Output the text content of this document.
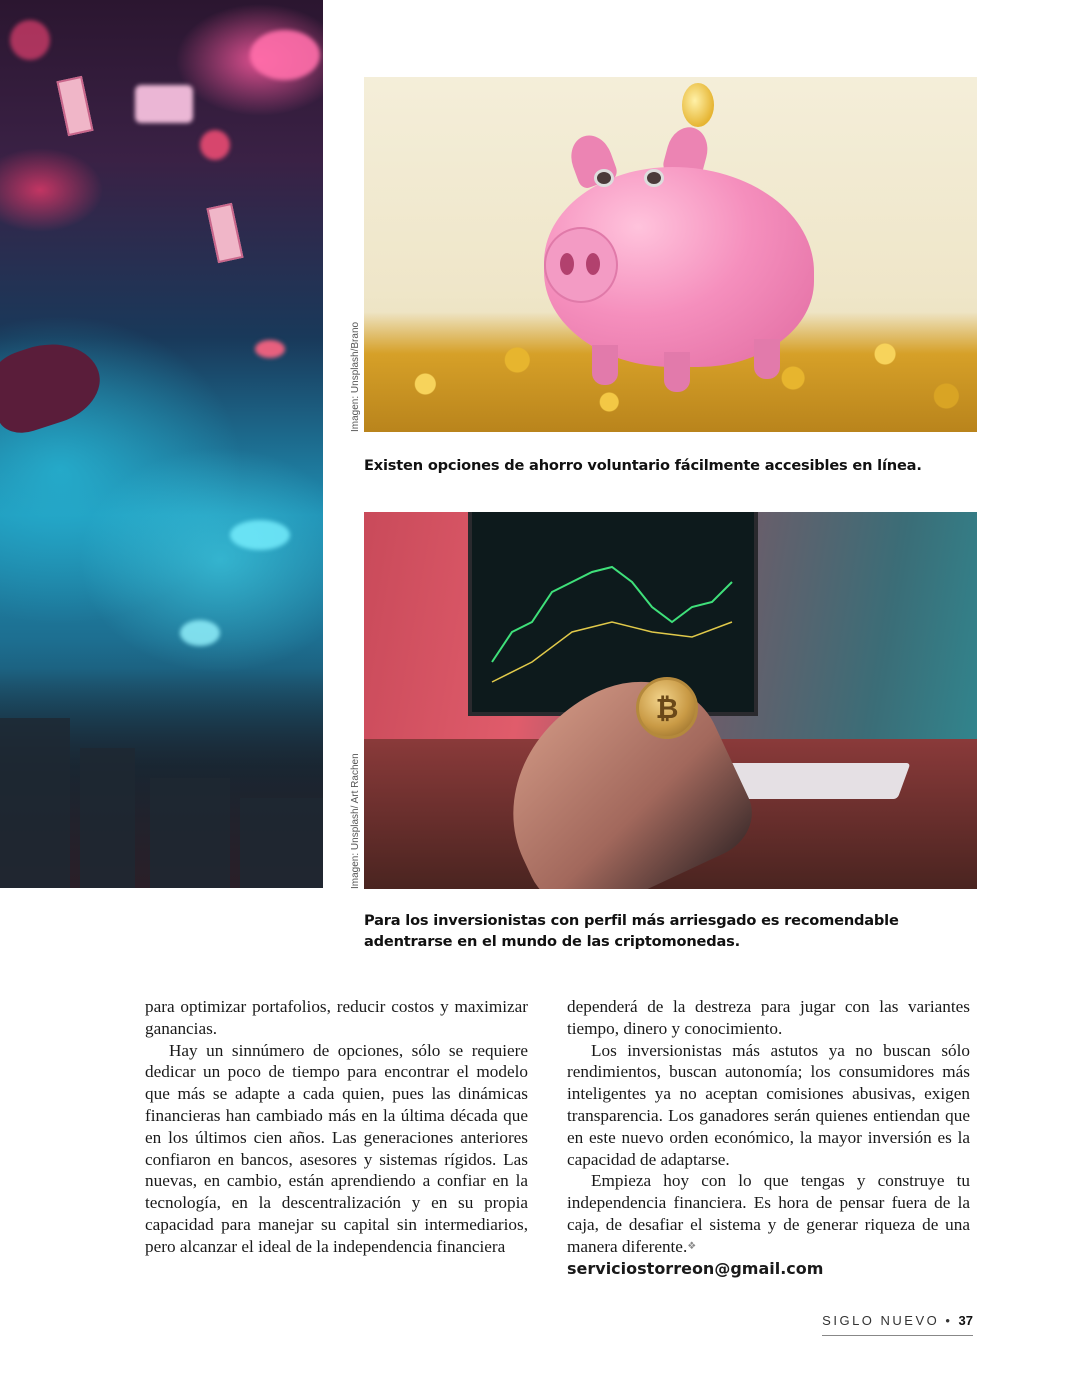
Imagen: Unsplash/Brano
Existen opciones de ahorro voluntario fácilmente accesibles en línea.
₿
Imagen: Unsplash/ Art Rachen
Para los inversionistas con perfil más arriesgado es recomendable adentrarse en el mundo de las criptomonedas.

para optimizar portafolios, reducir costos y maximizar ganancias.

Hay un sinnúmero de opciones, sólo se requiere dedicar un poco de tiempo para encontrar el modelo que más se adapte a cada quien, pues las dinámicas financieras han cambiado más en la última década que en los últimos cien años. Las generaciones anteriores confiaron en bancos, asesores y sistemas rígidos. Las nuevas, en cambio, están aprendiendo a confiar en la tecnología, en la descentralización y en su propia capacidad para manejar su capital sin intermediarios, pero alcanzar el ideal de la independencia financiera

dependerá de la destreza para jugar con las variantes tiempo, dinero y conocimiento.

Los inversionistas más astutos ya no buscan sólo rendimientos, buscan autonomía; los consumidores más inteligentes ya no aceptan comisiones abusivas, exigen transparencia. Los ganadores serán quienes entiendan que en este nuevo orden económico, la mayor inversión es la capacidad de adaptarse.

Empieza hoy con lo que tengas y construye tu independencia financiera. Es hora de pensar fuera de la caja, de desafiar el sistema y de generar riqueza de una manera diferente.❖

serviciostorreon@gmail.com

SIGLO NUEVO • 37
